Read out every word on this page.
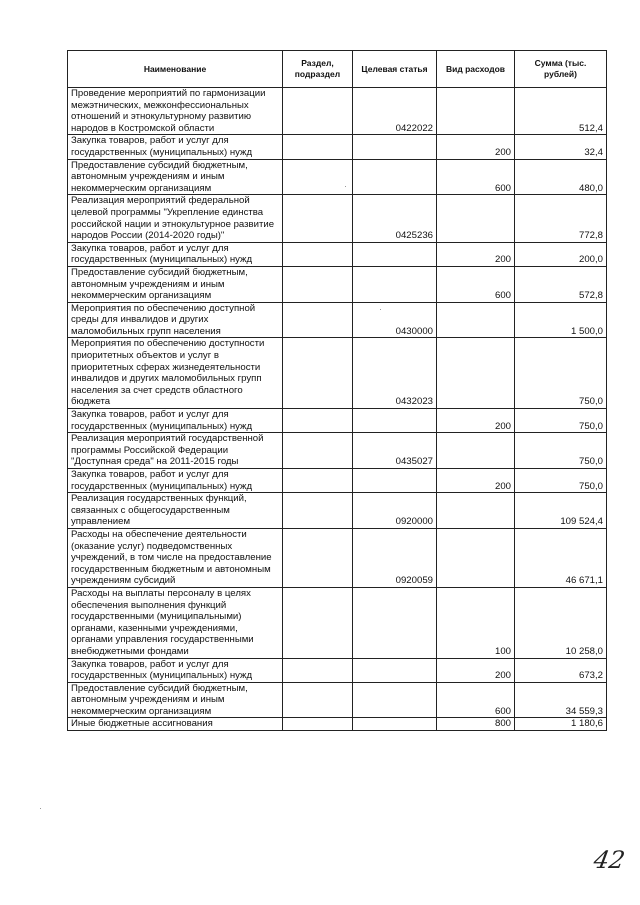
Наименование	Раздел, подраздел	Целевая статья	Вид расходов	Сумма (тыс. рублей)
Проведение мероприятий по гармонизации межэтнических, межконфессиональных отношений и этнокультурному развитию народов в Костромской области		0422022		512,4
Закупка товаров, работ и услуг для государственных (муниципальных) нужд			200	32,4
Предоставление субсидий бюджетным, автономным учреждениям и иным некоммерческим организациям			600	480,0
Реализация мероприятий федеральной целевой программы "Укрепление единства российской нации и этнокультурное развитие народов России (2014-2020 годы)"		0425236		772,8
Закупка товаров, работ и услуг для государственных (муниципальных) нужд			200	200,0
Предоставление субсидий бюджетным, автономным учреждениям и иным некоммерческим организациям			600	572,8
Мероприятия по обеспечению доступной среды для инвалидов и других маломобильных групп населения		0430000		1 500,0
Мероприятия по обеспечению доступности приоритетных объектов и услуг в приоритетных сферах жизнедеятельности инвалидов и других маломобильных групп населения за счет средств областного бюджета		0432023		750,0
Закупка товаров, работ и услуг для государственных (муниципальных) нужд			200	750,0
Реализация мероприятий государственной программы Российской Федерации "Доступная среда" на 2011-2015 годы		0435027		750,0
Закупка товаров, работ и услуг для государственных (муниципальных) нужд			200	750,0
Реализация государственных функций, связанных с общегосударственным управлением		0920000		109 524,4
Расходы на обеспечение деятельности (оказание услуг) подведомственных учреждений, в том числе на предоставление государственным бюджетным и автономным учреждениям субсидий		0920059		46 671,1
Расходы на выплаты персоналу в целях обеспечения выполнения функций государственными (муниципальными) органами, казенными учреждениями, органами управления государственными внебюджетными фондами			100	10 258,0
Закупка товаров, работ и услуг для государственных (муниципальных) нужд			200	673,2
Предоставление субсидий бюджетным, автономным учреждениям и иным некоммерческим организациям			600	34 559,3
Иные бюджетные ассигнования			800	1 180,6
42
